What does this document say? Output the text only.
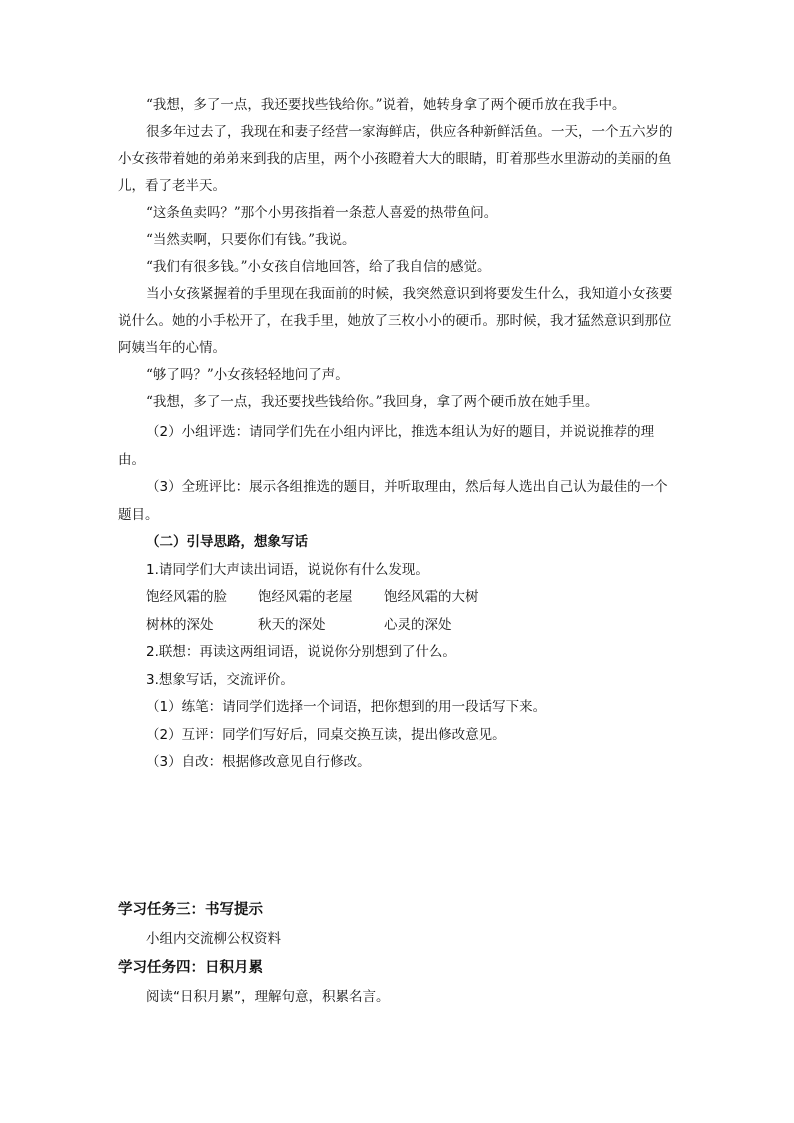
“我想，多了一点，我还要找些钱给你。”说着，她转身拿了两个硬币放在我手中。

很多年过去了，我现在和妻子经营一家海鲜店，供应各种新鲜活鱼。一天，一个五六岁的小女孩带着她的弟弟来到我的店里，两个小孩瞪着大大的眼睛，盯着那些水里游动的美丽的鱼儿，看了老半天。

“这条鱼卖吗？”那个小男孩指着一条惹人喜爱的热带鱼问。

“当然卖啊，只要你们有钱。”我说。

“我们有很多钱。”小女孩自信地回答，给了我自信的感觉。

当小女孩紧握着的手里现在我面前的时候，我突然意识到将要发生什么，我知道小女孩要说什么。她的小手松开了，在我手里，她放了三枚小小的硬币。那时候，我才猛然意识到那位阿姨当年的心情。

“够了吗？”小女孩轻轻地问了声。

“我想，多了一点，我还要找些钱给你。”我回身，拿了两个硬币放在她手里。

（2）小组评选：请同学们先在小组内评比，推选本组认为好的题目，并说说推荐的理由。

（3）全班评比：展示各组推选的题目，并听取理由，然后每人选出自己认为最佳的一个题目。

（二）引导思路，想象写话

1.请同学们大声读出词语，说说你有什么发现。

饱经风霜的脸	饱经风霜的老屋	饱经风霜的大树
树林的深处	秋天的深处	心灵的深处

2.联想：再读这两组词语，说说你分别想到了什么。

3.想象写话，交流评价。

（1）练笔：请同学们选择一个词语，把你想到的用一段话写下来。

（2）互评：同学们写好后，同桌交换互读，提出修改意见。

（3）自改：根据修改意见自行修改。

学习任务三：书写提示

小组内交流柳公权资料

学习任务四：日积月累

阅读“日积月累”，理解句意，积累名言。
